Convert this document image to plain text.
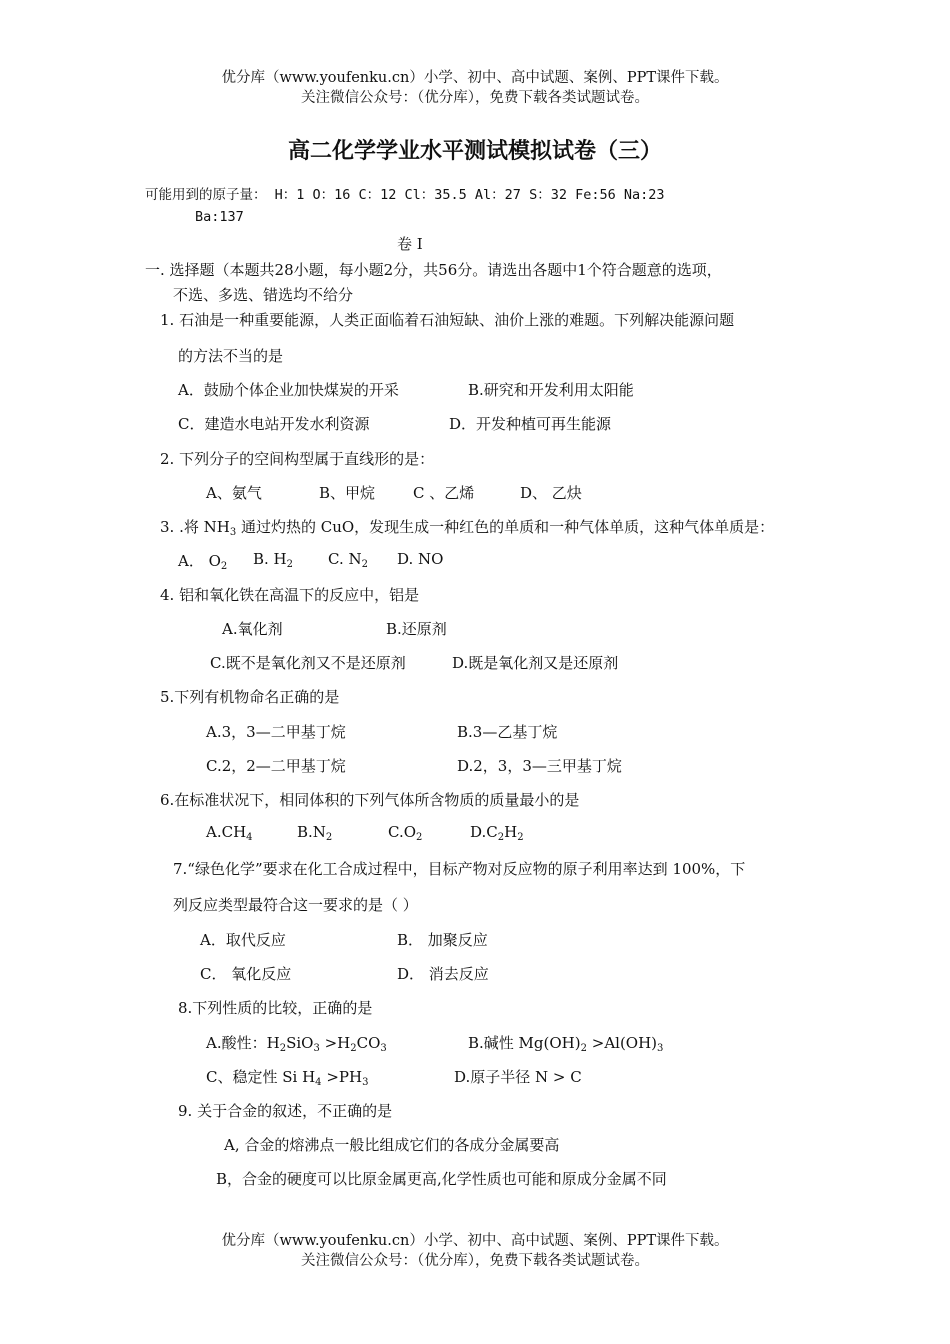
优分库（www.youfenku.cn）小学、初中、高中试题、案例、PPT课件下载。
关注微信公众号：（优分库），免费下载各类试题试卷。
高二化学学业水平测试模拟试卷（三）
可能用到的原子量： H：1 O：16 C：12 Cl：35.5 Al：27 S：32 Fe:56 Na:23
Ba:137
卷 Ⅰ
一. 选择题（本题共28小题，每小题2分，共56分。请选出各题中1个符合题意的选项，
不选、多选、错选均不给分
1. 石油是一种重要能源，人类正面临着石油短缺、油价上涨的难题。下列解决能源问题
的方法不当的是
A．鼓励个体企业加快煤炭的开采	B.研究和开发利用太阳能
C．建造水电站开发水利资源	D．开发种植可再生能源
2. 下列分子的空间构型属于直线形的是：
A、氨气	B、甲烷	C 、乙烯	D、 乙炔
3. .将 $NH_3$ 通过灼热的 CuO，发现生成一种红色的单质和一种气体单质，这种气体单质是：
A． $O_2$ B. $H_2$ C. $N_2$ D. NO
4. 铝和氧化铁在高温下的反应中，铝是
A.氧化剂	B.还原剂
C.既不是氧化剂又不是还原剂	D.既是氧化剂又是还原剂
5.下列有机物命名正确的是
A.3，3—二甲基丁烷	B.3—乙基丁烷
C.2，2—二甲基丁烷	D.2，3，3—三甲基丁烷
6.在标准状况下，相同体积的下列气体所含物质的质量最小的是
$A.CH_4$	$B.N_2$	$C.O_2$	$D.C_2H_2$
7.“绿色化学”要求在化工合成过程中，目标产物对反应物的原子利用率达到 100%，下
列反应类型最符合这一要求的是（ ）
A．取代反应	B． 加聚反应
C． 氧化反应	D． 消去反应
8.下列性质的比较，正确的是
A.酸性：$H_2SiO_3 >H_2CO_3$	B.碱性 $Mg(OH)_2 >Al(OH)_3$
C、稳定性 Si $H_4 >PH_3$	D.原子半径 N > C
9. 关于合金的叙述，不正确的是
A, 合金的熔沸点一般比组成它们的各成分金属要高
B，合金的硬度可以比原金属更高,化学性质也可能和原成分金属不同
优分库（www.youfenku.cn）小学、初中、高中试题、案例、PPT课件下载。
关注微信公众号：（优分库），免费下载各类试题试卷。
